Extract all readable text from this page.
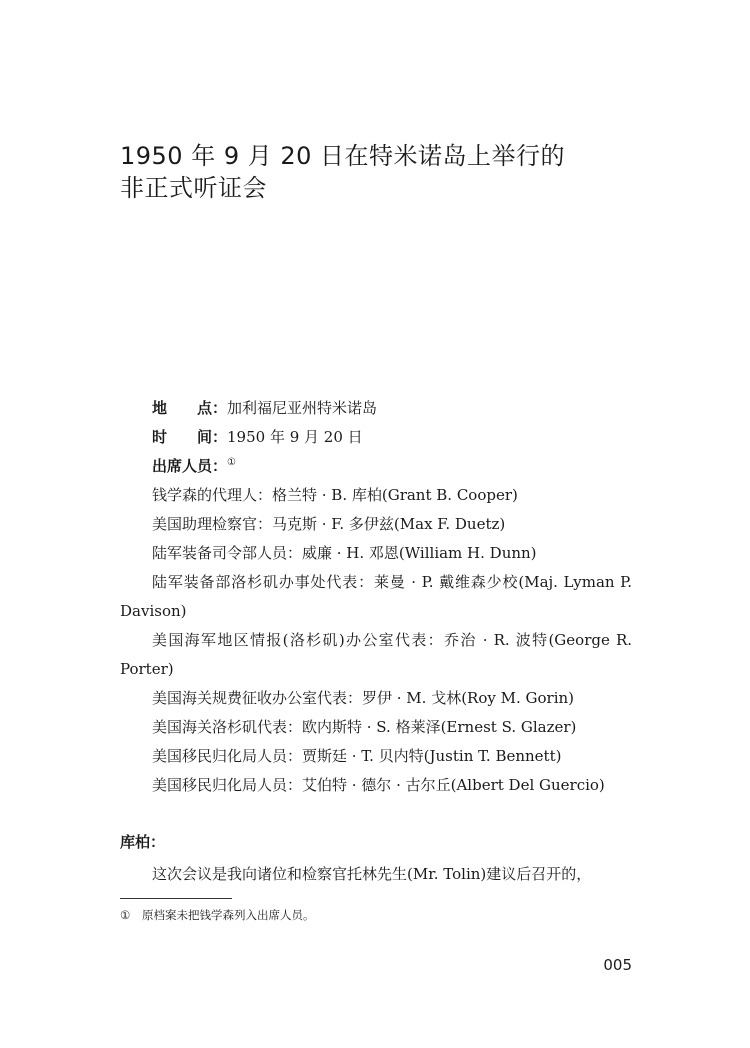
1950 年 9 月 20 日在特米诺岛上举行的
非正式听证会
地　　点：加利福尼亚州特米诺岛
时　　间：1950 年 9 月 20 日
出席人员：①
钱学森的代理人：格兰特 · B. 库柏(Grant B. Cooper)
美国助理检察官：马克斯 · F. 多伊兹(Max F. Duetz)
陆军装备司令部人员：威廉 · H. 邓恩(William H. Dunn)
陆军装备部洛杉矶办事处代表：莱曼 · P. 戴维森少校(Maj. Lyman P. Davison)
美国海军地区情报(洛杉矶)办公室代表：乔治 · R. 波特(George R. Porter)
美国海关规费征收办公室代表：罗伊 · M. 戈林(Roy M. Gorin)
美国海关洛杉矶代表：欧内斯特 · S. 格莱泽(Ernest S. Glazer)
美国移民归化局人员：贾斯廷 · T. 贝内特(Justin T. Bennett)
美国移民归化局人员：艾伯特 · 德尔 · 古尔丘(Albert Del Guercio)
库柏：
这次会议是我向诸位和检察官托林先生(Mr. Tolin)建议后召开的，
① 原档案未把钱学森列入出席人员。
005
